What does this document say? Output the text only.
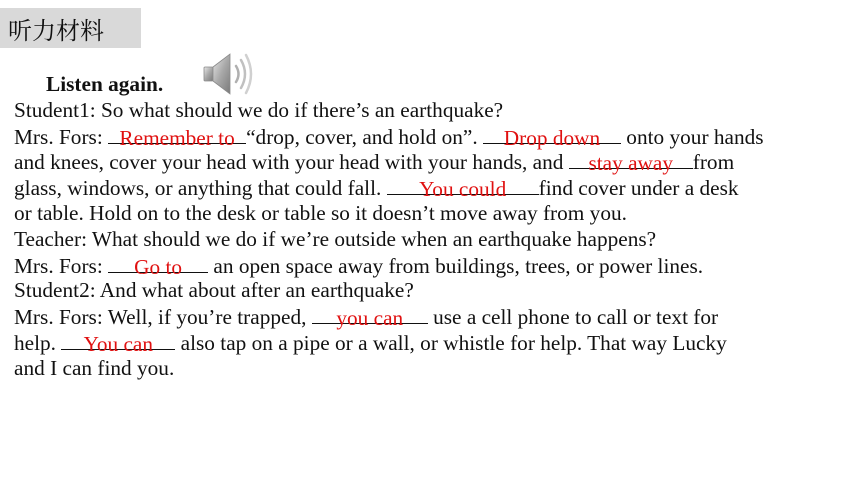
听力材料
Listen again.
Student1: So what should we do if there’s an earthquake?
Mrs. Fors: Remember to “drop, cover, and hold on”. Drop down onto your hands
and knees, cover your head with your head with your hands, and stay away from
glass, windows, or anything that could fall.	You could	find cover under a desk
or table. Hold on to the desk or table so it doesn’t move away from you.
Teacher: What should we do if we’re outside when an earthquake happens?
Mrs. Fors:	Go to	an open space away from buildings, trees, or power lines.
Student2: And what about after an earthquake?
Mrs. Fors: Well, if you’re trapped,	you can	use a cell phone to call or text for
help.	You can	also tap on a pipe or a wall, or whistle for help. That way Lucky
and I can find you.
